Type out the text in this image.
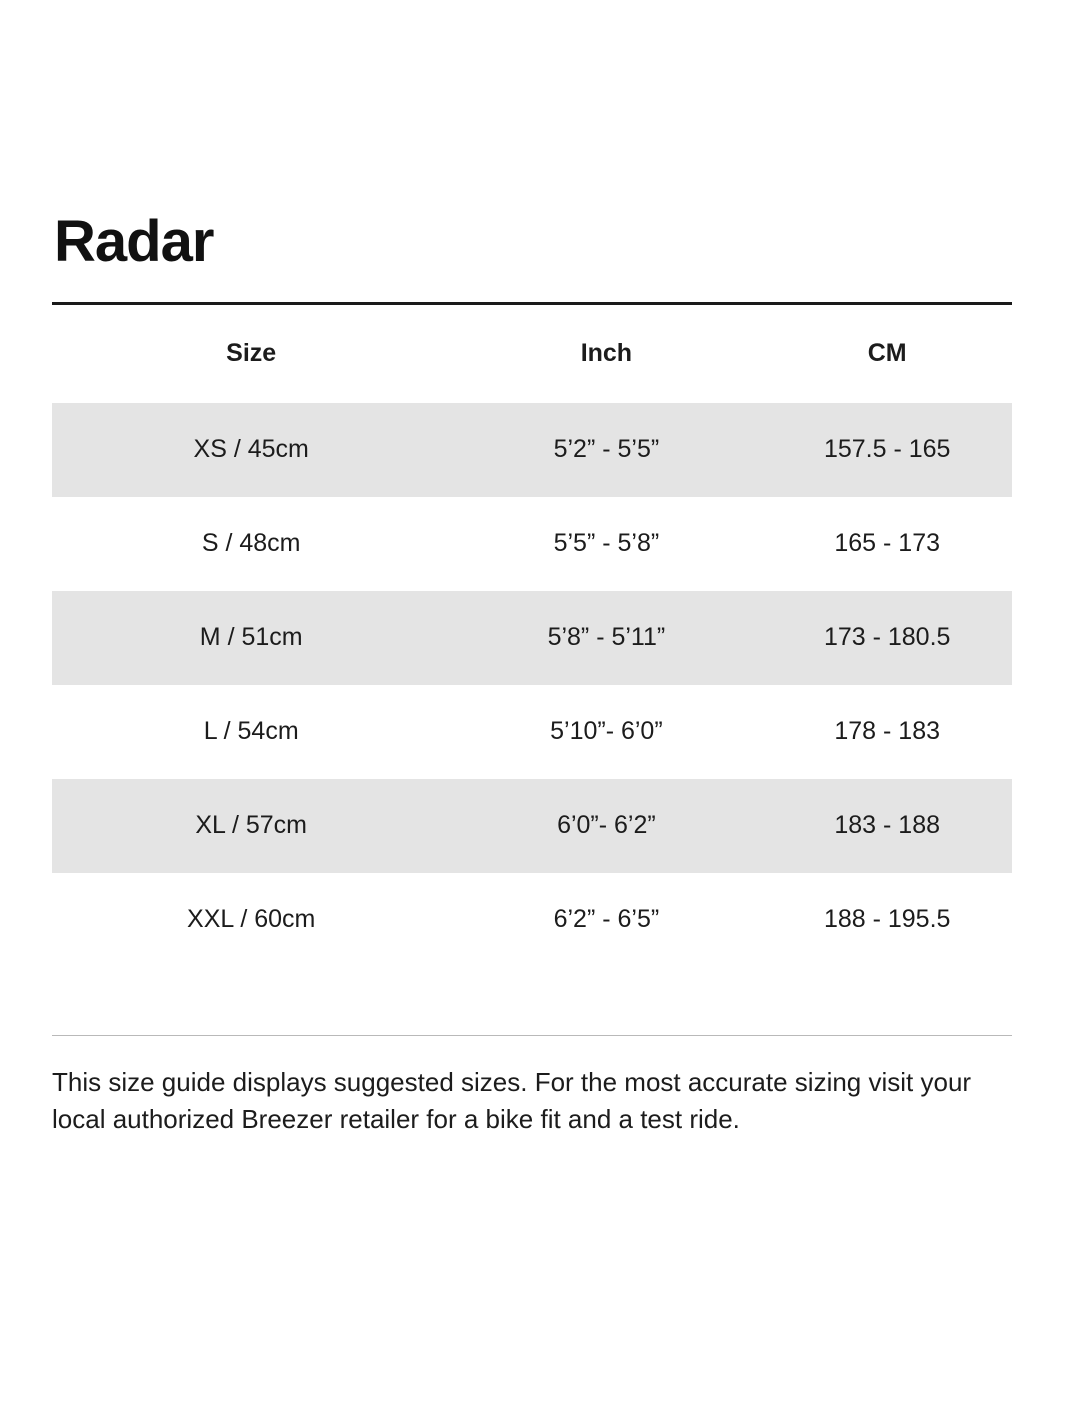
Radar
Size	Inch	CM
XS / 45cm	5’2” - 5’5”	157.5 - 165
S / 48cm	5’5” - 5’8”	165 - 173
M / 51cm	5’8” - 5’11”	173 - 180.5
L / 54cm	5’10”- 6’0”	178 - 183
XL / 57cm	6’0”- 6’2”	183 - 188
XXL / 60cm	6’2” - 6’5”	188 - 195.5

This size guide displays suggested sizes. For the most accurate sizing visit your local authorized Breezer retailer for a bike fit and a test ride.
